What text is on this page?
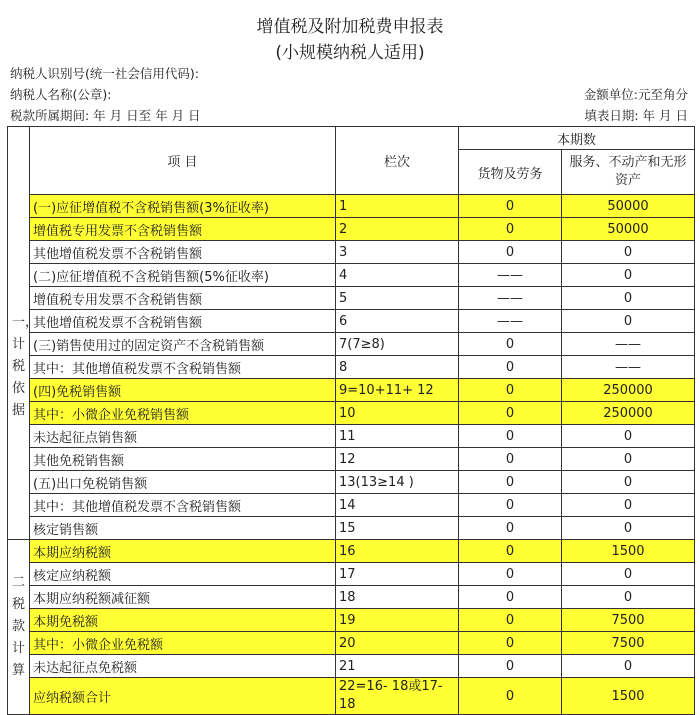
增值税及附加税费申报表
(小规模纳税人适用)
纳税人识别号(统一社会信用代码):
纳税人名称(公章):	金额单位:元至角分
税款所属期间: 年 月 日至 年 月 日	填表日期: 年 月 日
	项 目	栏次	本期数	
			货物及劳务	服务、不动产和无形资产
一，计税依据	(一)应征增值税不含税销售额(3%征收率)	1	0	50000
	增值税专用发票不含税销售额	2	0	50000
	其他增值税发票不含税销售额	3	0	0
	(二)应征增值税不含税销售额(5%征收率)	4	——	0
	增值税专用发票不含税销售额	5	——	0
	其他增值税发票不含税销售额	6	——	0
	(三)销售使用过的固定资产不含税销售额	7(7≥8)	0	——
	其中：其他增值税发票不含税销售额	8	0	——
	(四)免税销售额	9=10+11+ 12	0	250000
	其中：小微企业免税销售额	10	0	250000
	未达起征点销售额	11	0	0
	其他免税销售额	12	0	0
	(五)出口免税销售额	13(13≥14 )	0	0
	其中：其他增值税发票不含税销售额	14	0	0
	核定销售额	15	0	0
二税款计算	本期应纳税额	16	0	1500
	核定应纳税额	17	0	0
	本期应纳税额减征额	18	0	0
	本期免税额	19	0	7500
	其中：小微企业免税额	20	0	7500
	未达起征点免税额	21	0	0
	应纳税额合计	22=16- 18或17-18	0	1500
